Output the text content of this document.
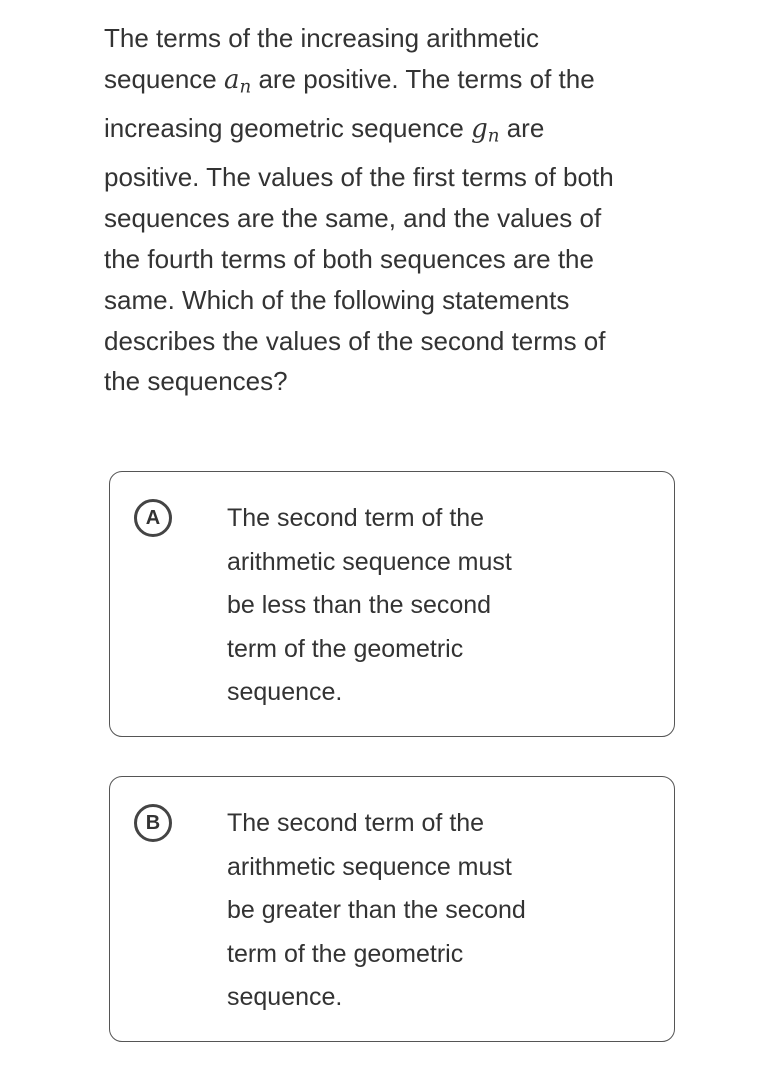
The terms of the increasing arithmetic
sequence $a_n$ are positive. The terms of the
increasing geometric sequence $g_n$ are
positive. The values of the first terms of both
sequences are the same, and the values of
the fourth terms of both sequences are the
same. Which of the following statements
describes the values of the second terms of
the sequences?
A	The second term of the
arithmetic sequence must
be less than the second
term of the geometric
sequence.
B	The second term of the
arithmetic sequence must
be greater than the second
term of the geometric
sequence.
